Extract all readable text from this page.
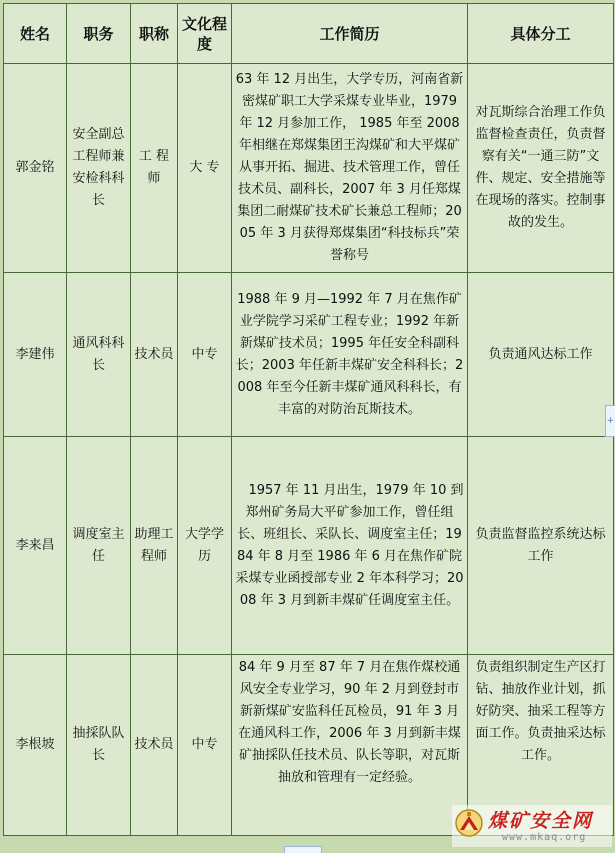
姓名	职务	职称	文化程度	工作简历	具体分工
郭金铭	安全副总工程师兼安检科科长	工 程 师	大 专	63 年 12 月出生，大学专历，河南省新密煤矿职工大学采煤专业毕业，1979 年 12 月参加工作， 1985 年至 2008 年相继在郑煤集团王沟煤矿和大平煤矿从事开拓、掘进、技术管理工作，曾任技术员、副科长，2007 年 3 月任郑煤集团二耐煤矿技术矿长兼总工程师；2005 年 3 月获得郑煤集团“科技标兵”荣誉称号	对瓦斯综合治理工作负监督检查责任，负责督察有关“一通三防”文件、规定、安全措施等在现场的落实。控制事故的发生。
李建伟	通风科科长	技术员	中专	1988 年 9 月—1992 年 7 月在焦作矿业学院学习采矿工程专业；1992 年新新煤矿技术员；1995 年任安全科副科长；2003 年任新丰煤矿安全科科长；2008 年至今任新丰煤矿通风科科长，有丰富的对防治瓦斯技术。	负责通风达标工作
李来昌	调度室主任	助理工程师	大学学历	1957 年 11 月出生，1979 年 10 到郑州矿务局大平矿参加工作，曾任组长、班组长、采队长、调度室主任；1984 年 8 月至 1986 年 6 月在焦作矿院采煤专业函授部专业 2 年本科学习；2008 年 3 月到新丰煤矿任调度室主任。	负责监督监控系统达标工作
李根坡	抽採队队长	技术员	中专	84 年 9 月至 87 年 7 月在焦作煤校通风安全专业学习，90 年 2 月到登封市新新煤矿安监科任瓦检员，91 年 3 月在通风科工作，2006 年 3 月到新丰煤矿抽採队任技术员、队长等职，对瓦斯抽放和管理有一定经验。	负责组织制定生产区打钻、抽放作业计划，抓好防突、抽采工程等方面工作。负责抽采达标工作。
+
煤矿安全网
www.mkaq.org
